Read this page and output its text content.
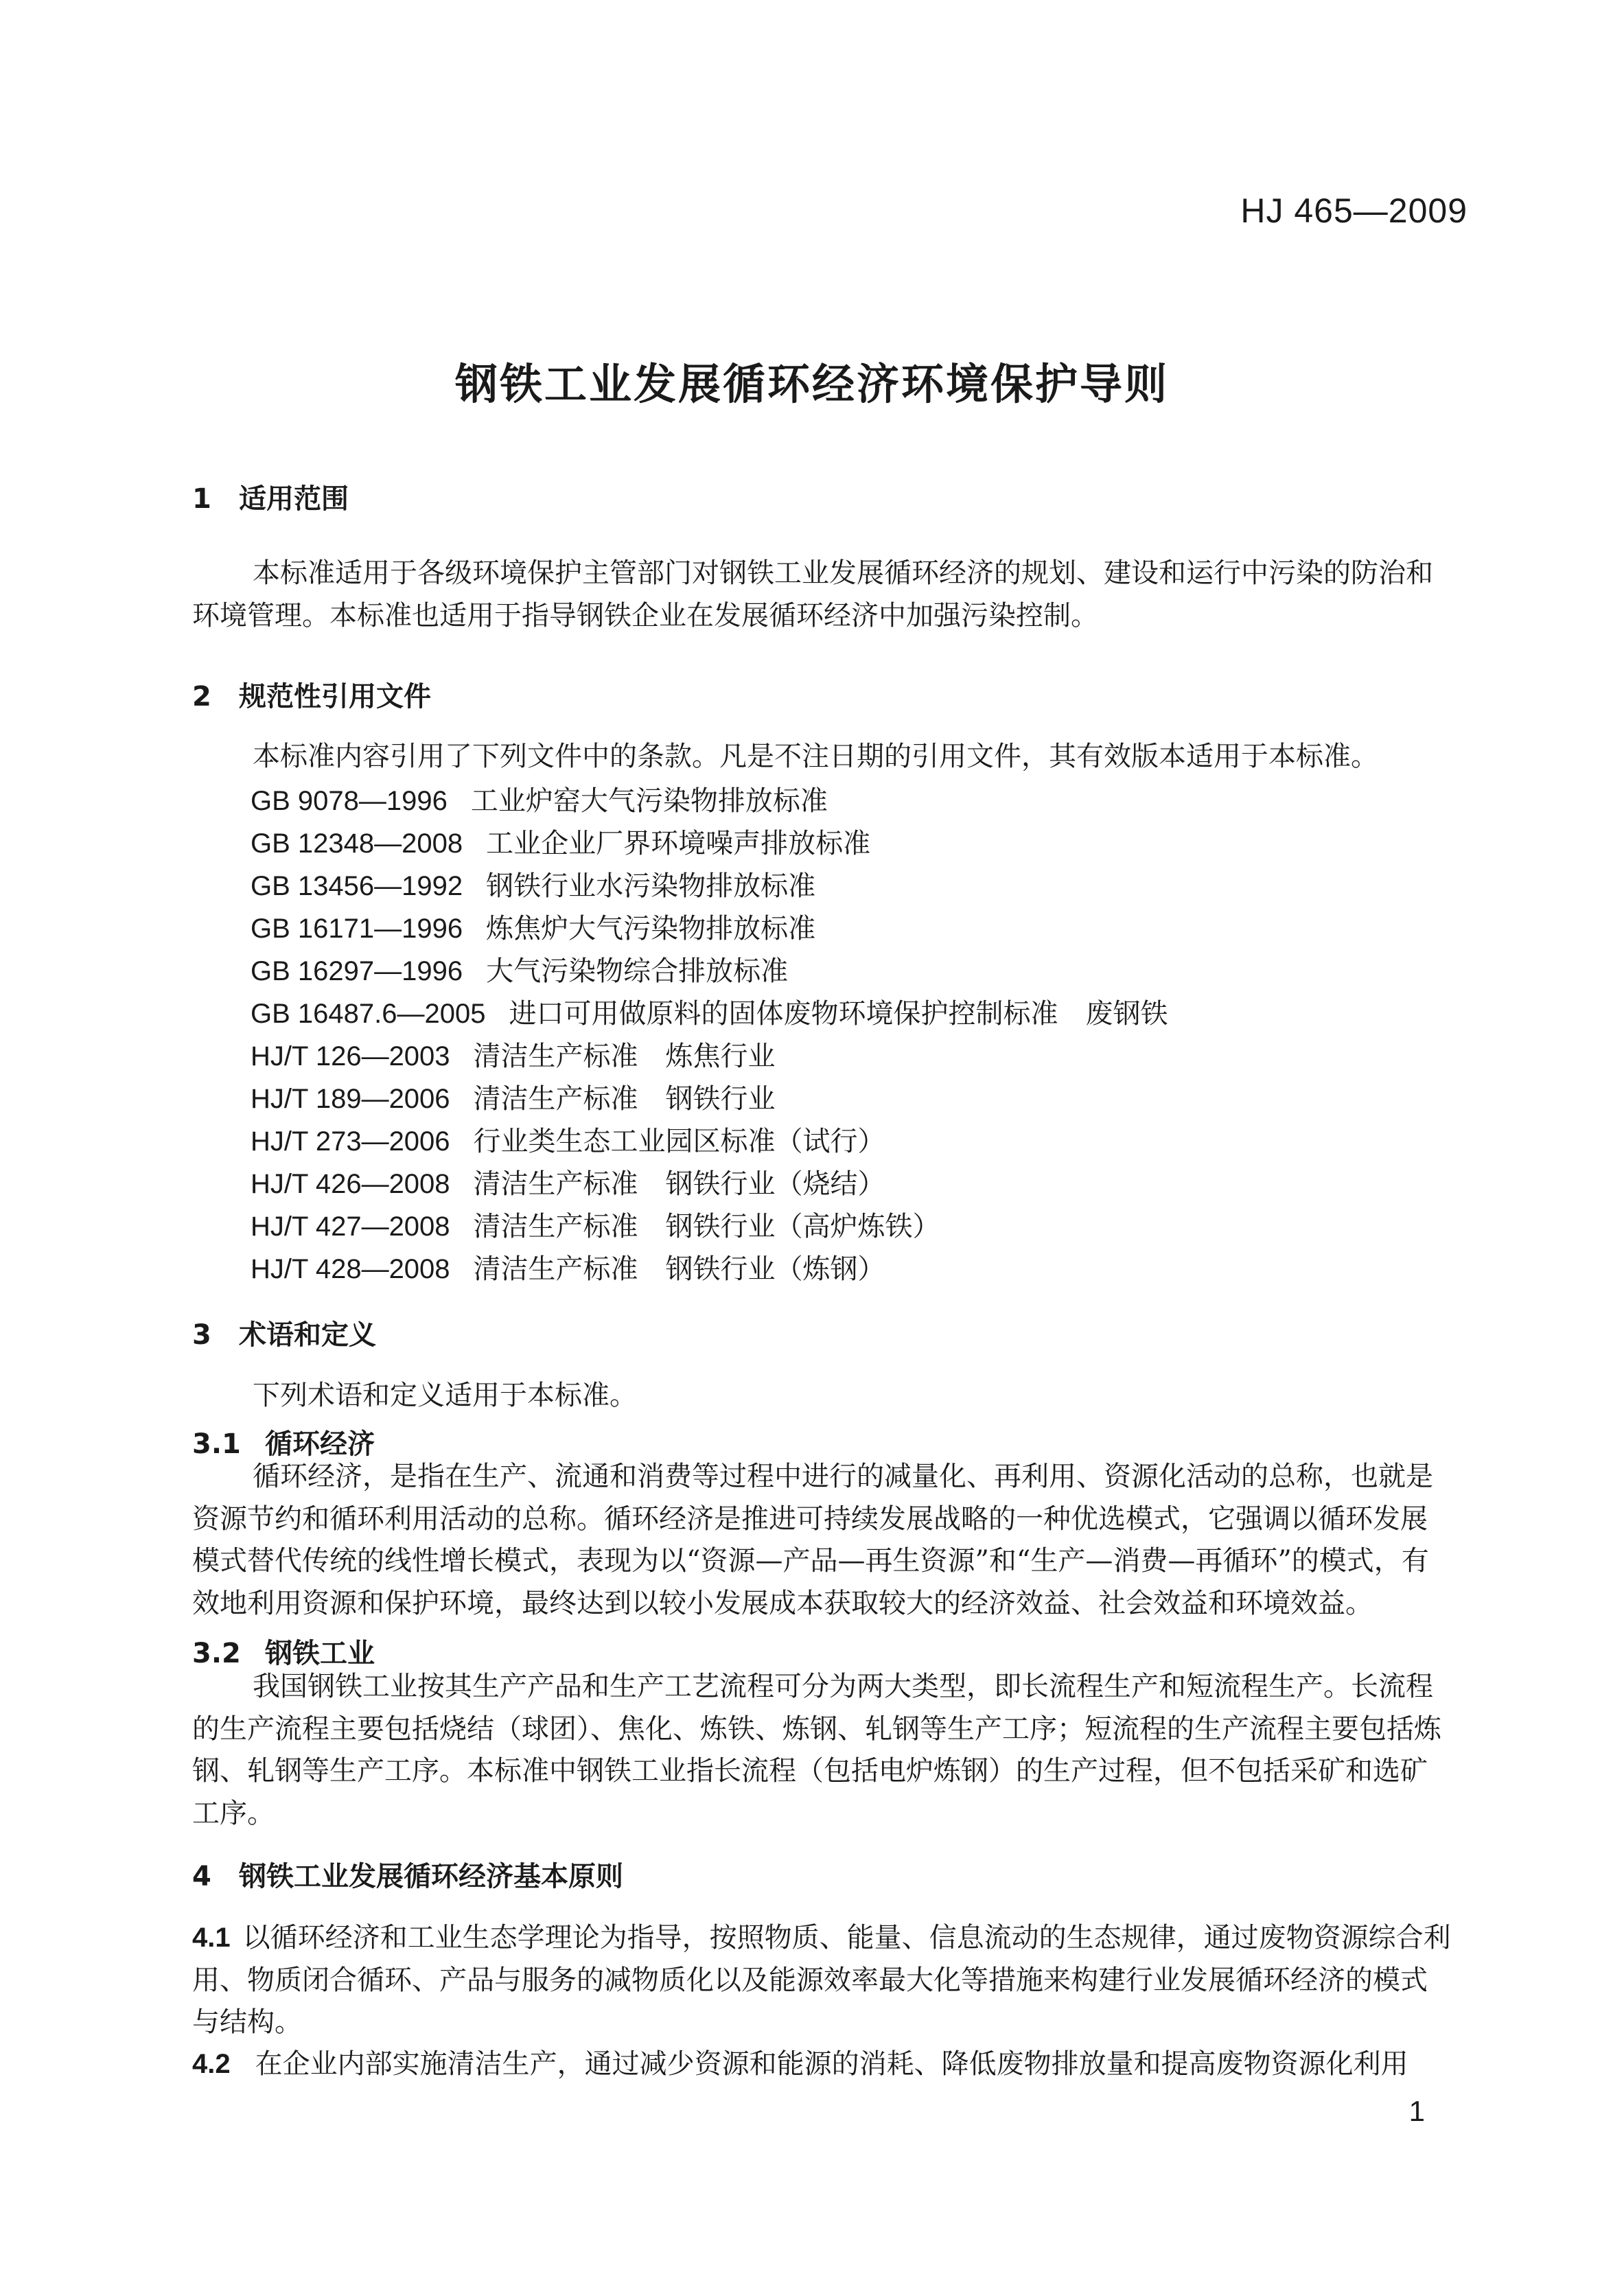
HJ 465—2009
钢铁工业发展循环经济环境保护导则
1 适用范围

本标准适用于各级环境保护主管部门对钢铁工业发展循环经济的规划、建设和运行中污染的防治和环境管理。本标准也适用于指导钢铁企业在发展循环经济中加强污染控制。

2 规范性引用文件

本标准内容引用了下列文件中的条款。凡是不注日期的引用文件，其有效版本适用于本标准。

GB 9078—1996 工业炉窑大气污染物排放标准
GB 12348—2008 工业企业厂界环境噪声排放标准
GB 13456—1992 钢铁行业水污染物排放标准
GB 16171—1996 炼焦炉大气污染物排放标准
GB 16297—1996 大气污染物综合排放标准
GB 16487.6—2005 进口可用做原料的固体废物环境保护控制标准 废钢铁
HJ/T 126—2003 清洁生产标准 炼焦行业
HJ/T 189—2006 清洁生产标准 钢铁行业
HJ/T 273—2006 行业类生态工业园区标准（试行）
HJ/T 426—2008 清洁生产标准 钢铁行业（烧结）
HJ/T 427—2008 清洁生产标准 钢铁行业（高炉炼铁）
HJ/T 428—2008 清洁生产标准 钢铁行业（炼钢）
3 术语和定义

下列术语和定义适用于本标准。

3.1 循环经济

循环经济，是指在生产、流通和消费等过程中进行的减量化、再利用、资源化活动的总称，也就是资源节约和循环利用活动的总称。循环经济是推进可持续发展战略的一种优选模式，它强调以循环发展模式替代传统的线性增长模式，表现为以“资源—产品—再生资源”和“生产—消费—再循环”的模式，有效地利用资源和保护环境，最终达到以较小发展成本获取较大的经济效益、社会效益和环境效益。

3.2 钢铁工业

我国钢铁工业按其生产产品和生产工艺流程可分为两大类型，即长流程生产和短流程生产。长流程的生产流程主要包括烧结（球团）、焦化、炼铁、炼钢、轧钢等生产工序；短流程的生产流程主要包括炼钢、轧钢等生产工序。本标准中钢铁工业指长流程（包括电炉炼钢）的生产过程，但不包括采矿和选矿工序。

4 钢铁工业发展循环经济基本原则

4.1 以循环经济和工业生态学理论为指导，按照物质、能量、信息流动的生态规律，通过废物资源综合利用、物质闭合循环、产品与服务的减物质化以及能源效率最大化等措施来构建行业发展循环经济的模式与结构。

4.2 在企业内部实施清洁生产，通过减少资源和能源的消耗、降低废物排放量和提高废物资源化利用

1
